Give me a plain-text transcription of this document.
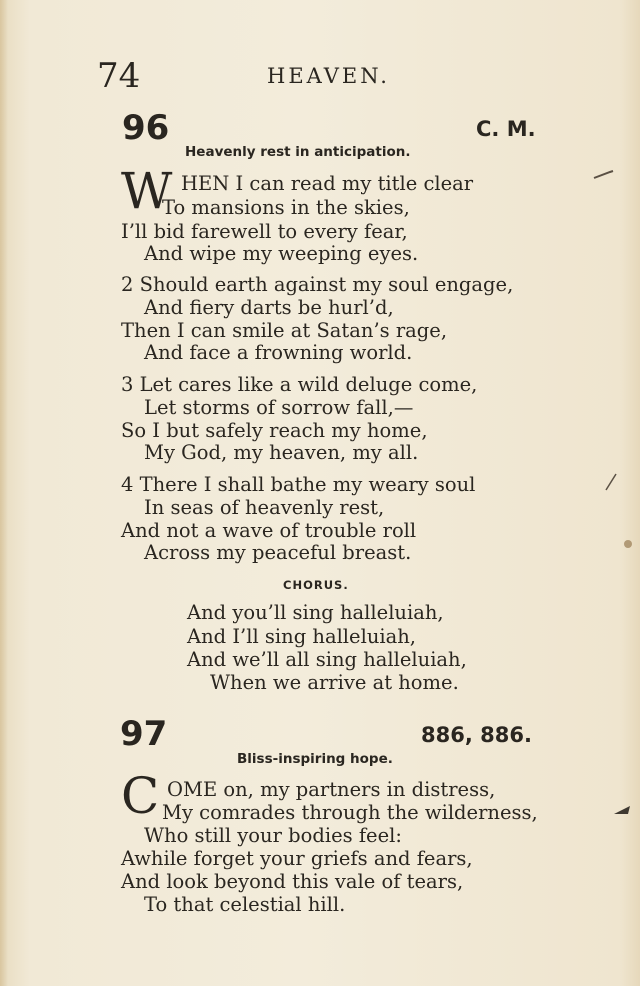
74	HEAVEN.
96	C. M.
Heavenly rest in anticipation.
W HEN I can read my title clear
To mansions in the skies,
I’ll bid farewell to every fear,
And wipe my weeping eyes.
2 Should earth against my soul engage,
And fiery darts be hurl’d,
Then I can smile at Satan’s rage,
And face a frowning world.
3 Let cares like a wild deluge come,
Let storms of sorrow fall,—
So I but safely reach my home,
My God, my heaven, my all.
4 There I shall bathe my weary soul
In seas of heavenly rest,
And not a wave of trouble roll
Across my peaceful breast.
CHORUS.
And you’ll sing halleluiah,
And I’ll sing halleluiah,
And we’ll all sing halleluiah,
When we arrive at home.
97	886, 886.
Bliss-inspiring hope.
C OME on, my partners in distress,
My comrades through the wilderness,
Who still your bodies feel:
Awhile forget your griefs and fears,
And look beyond this vale of tears,
To that celestial hill.
